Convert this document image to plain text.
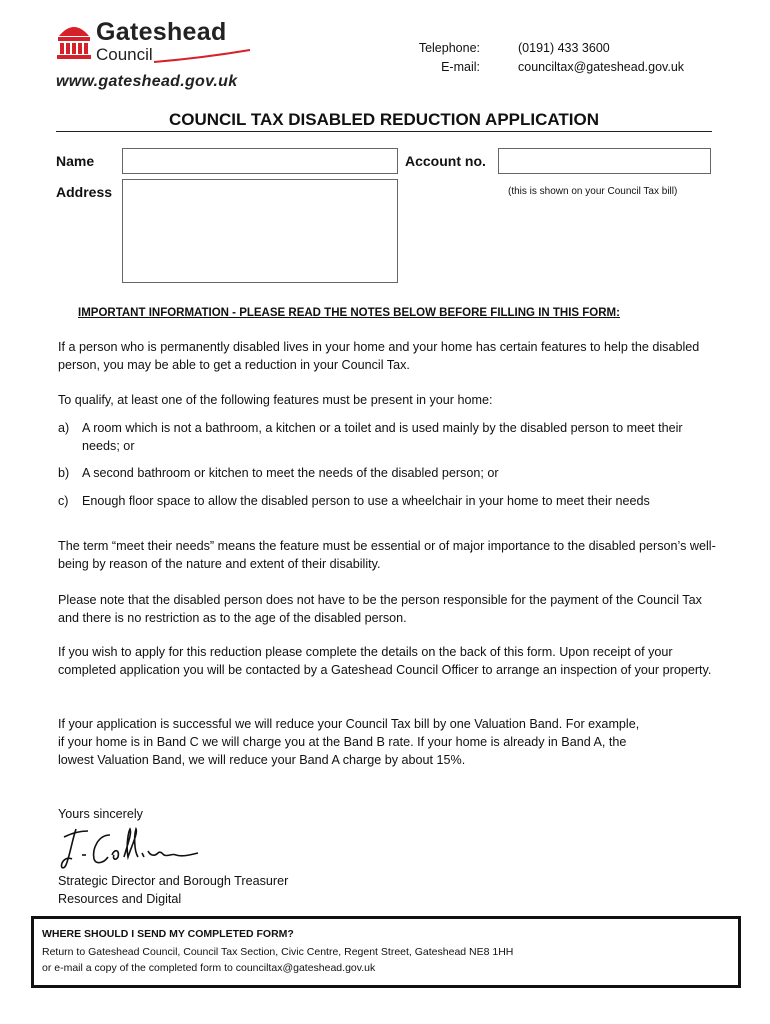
Gateshead
Council
www.gateshead.gov.uk
Telephone:	(0191) 433 3600
E-mail:	counciltax@gateshead.gov.uk
COUNCIL TAX DISABLED REDUCTION APPLICATION
Name	Account no.
(this is shown on your Council Tax bill)
Address
IMPORTANT INFORMATION - PLEASE READ THE NOTES BELOW BEFORE FILLING IN THIS FORM:
If a person who is permanently disabled lives in your home and your home has certain features to help the disabled person, you may be able to get a reduction in your Council Tax.
To qualify, at least one of the following features must be present in your home:
a)	A room which is not a bathroom, a kitchen or a toilet and is used mainly by the disabled person to meet their needs; or
b)	A second bathroom or kitchen to meet the needs of the disabled person; or
c)	Enough floor space to allow the disabled person to use a wheelchair in your home to meet their needs
The term “meet their needs” means the feature must be essential or of major importance to the disabled person’s well-being by reason of the nature and extent of their disability.
Please note that the disabled person does not have to be the person responsible for the payment of the Council Tax and there is no restriction as to the age of the disabled person.
If you wish to apply for this reduction please complete the details on the back of this form. Upon receipt of your completed application you will be contacted by a Gateshead Council Officer to arrange an inspection of your property.
If your application is successful we will reduce your Council Tax bill by one Valuation Band. For example, if your home is in Band C we will charge you at the Band B rate. If your home is already in Band A, the lowest Valuation Band, we will reduce your Band A charge by about 15%.
Yours sincerely
Strategic Director and Borough Treasurer
Resources and Digital
WHERE SHOULD I SEND MY COMPLETED FORM?
Return to Gateshead Council, Council Tax Section, Civic Centre, Regent Street, Gateshead NE8 1HH
or e-mail a copy of the completed form to counciltax@gateshead.gov.uk
